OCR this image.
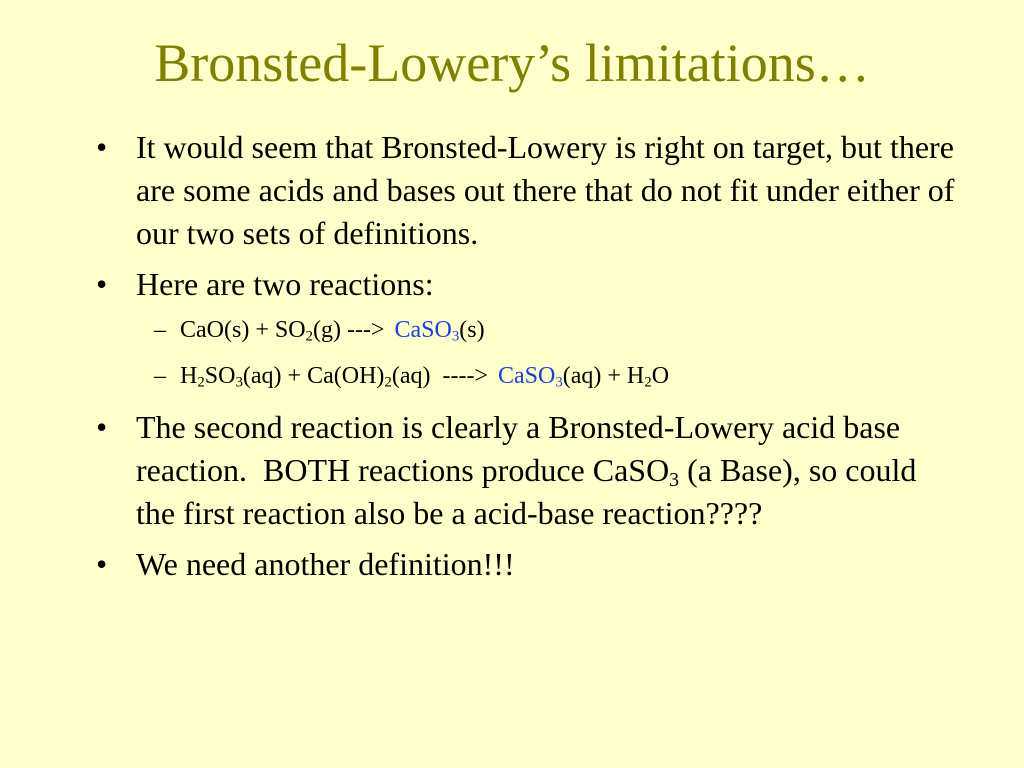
Bronsted-Lowery’s limitations…
• It would seem that Bronsted-Lowery is right on target, but there are some acids and bases out there that do not fit under either of our two sets of definitions.
• Here are two reactions:
– $CaO(s) + SO_2(g)$ ---> CaSO$_3$(s)
– $H_2SO_3(aq) + Ca(OH)_2(aq)$  ----> CaSO$_3$(aq) + $H_2O$
• The second reaction is clearly a Bronsted-Lowery acid base reaction.  BOTH reactions produce CaSO$_3$ (a Base), so could the first reaction also be a acid-base reaction????
• We need another definition!!!
